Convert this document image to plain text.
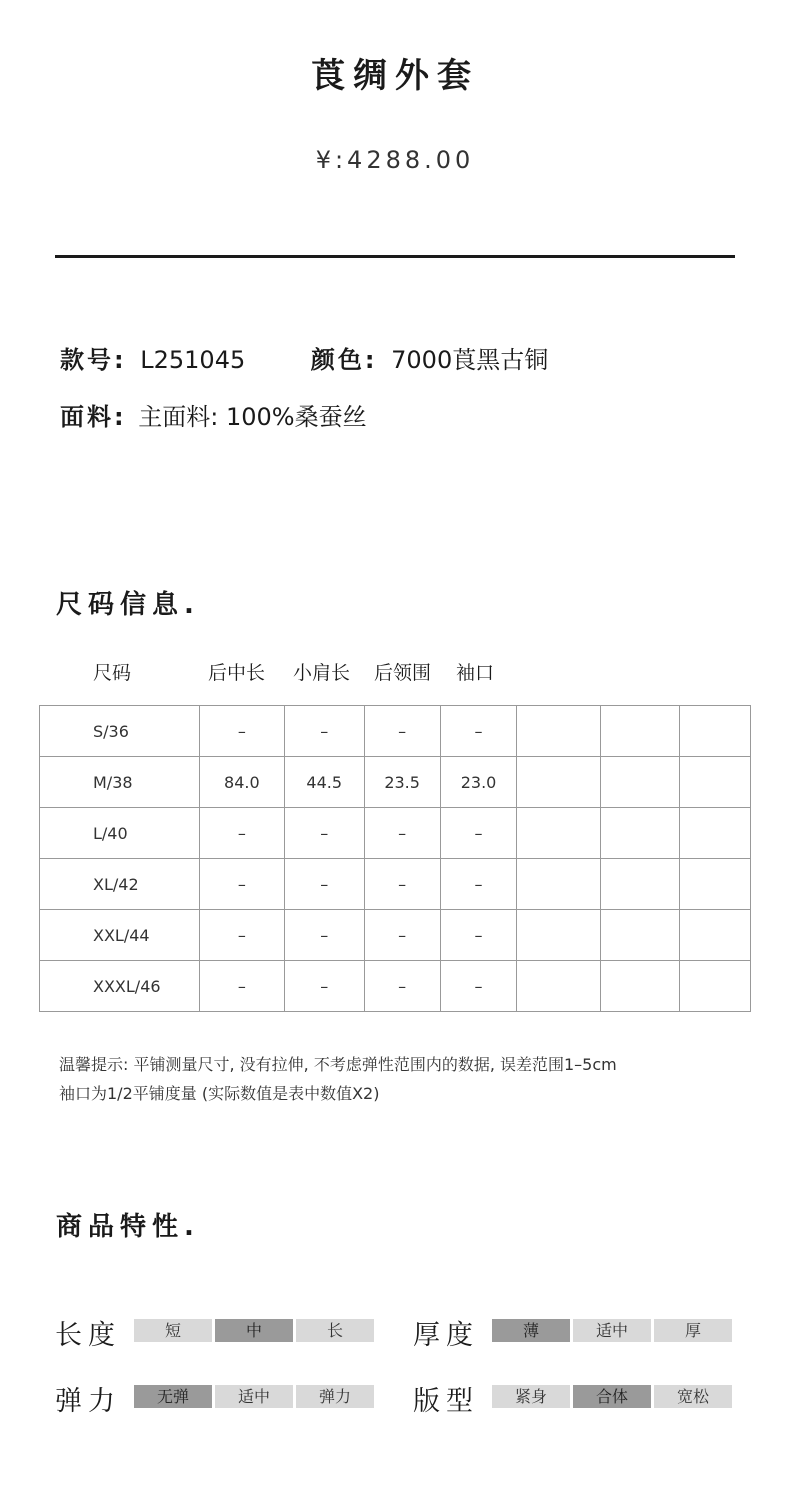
莨绸外套
¥:4288.00
款号: L251045	颜色: 7000莨黑古铜
面料: 主面料: 100%桑蚕丝
尺码信息.
尺码	后中长 小肩长 后领围 袖口
S/36	–	–	–	–			
M/38	84.0	44.5	23.5	23.0			
L/40	–	–	–	–			
XL/42	–	–	–	–			
XXL/44	–	–	–	–			
XXXL/46	–	–	–	–			
温馨提示: 平铺测量尺寸, 没有拉伸, 不考虑弹性范围内的数据, 误差范围1–5cm
袖口为1/2平铺度量 (实际数值是表中数值X2)
商品特性.
长度	短	中	长	厚度	薄	适中	厚
弹力	无弹	适中	弹力	版型	紧身	合体	宽松
